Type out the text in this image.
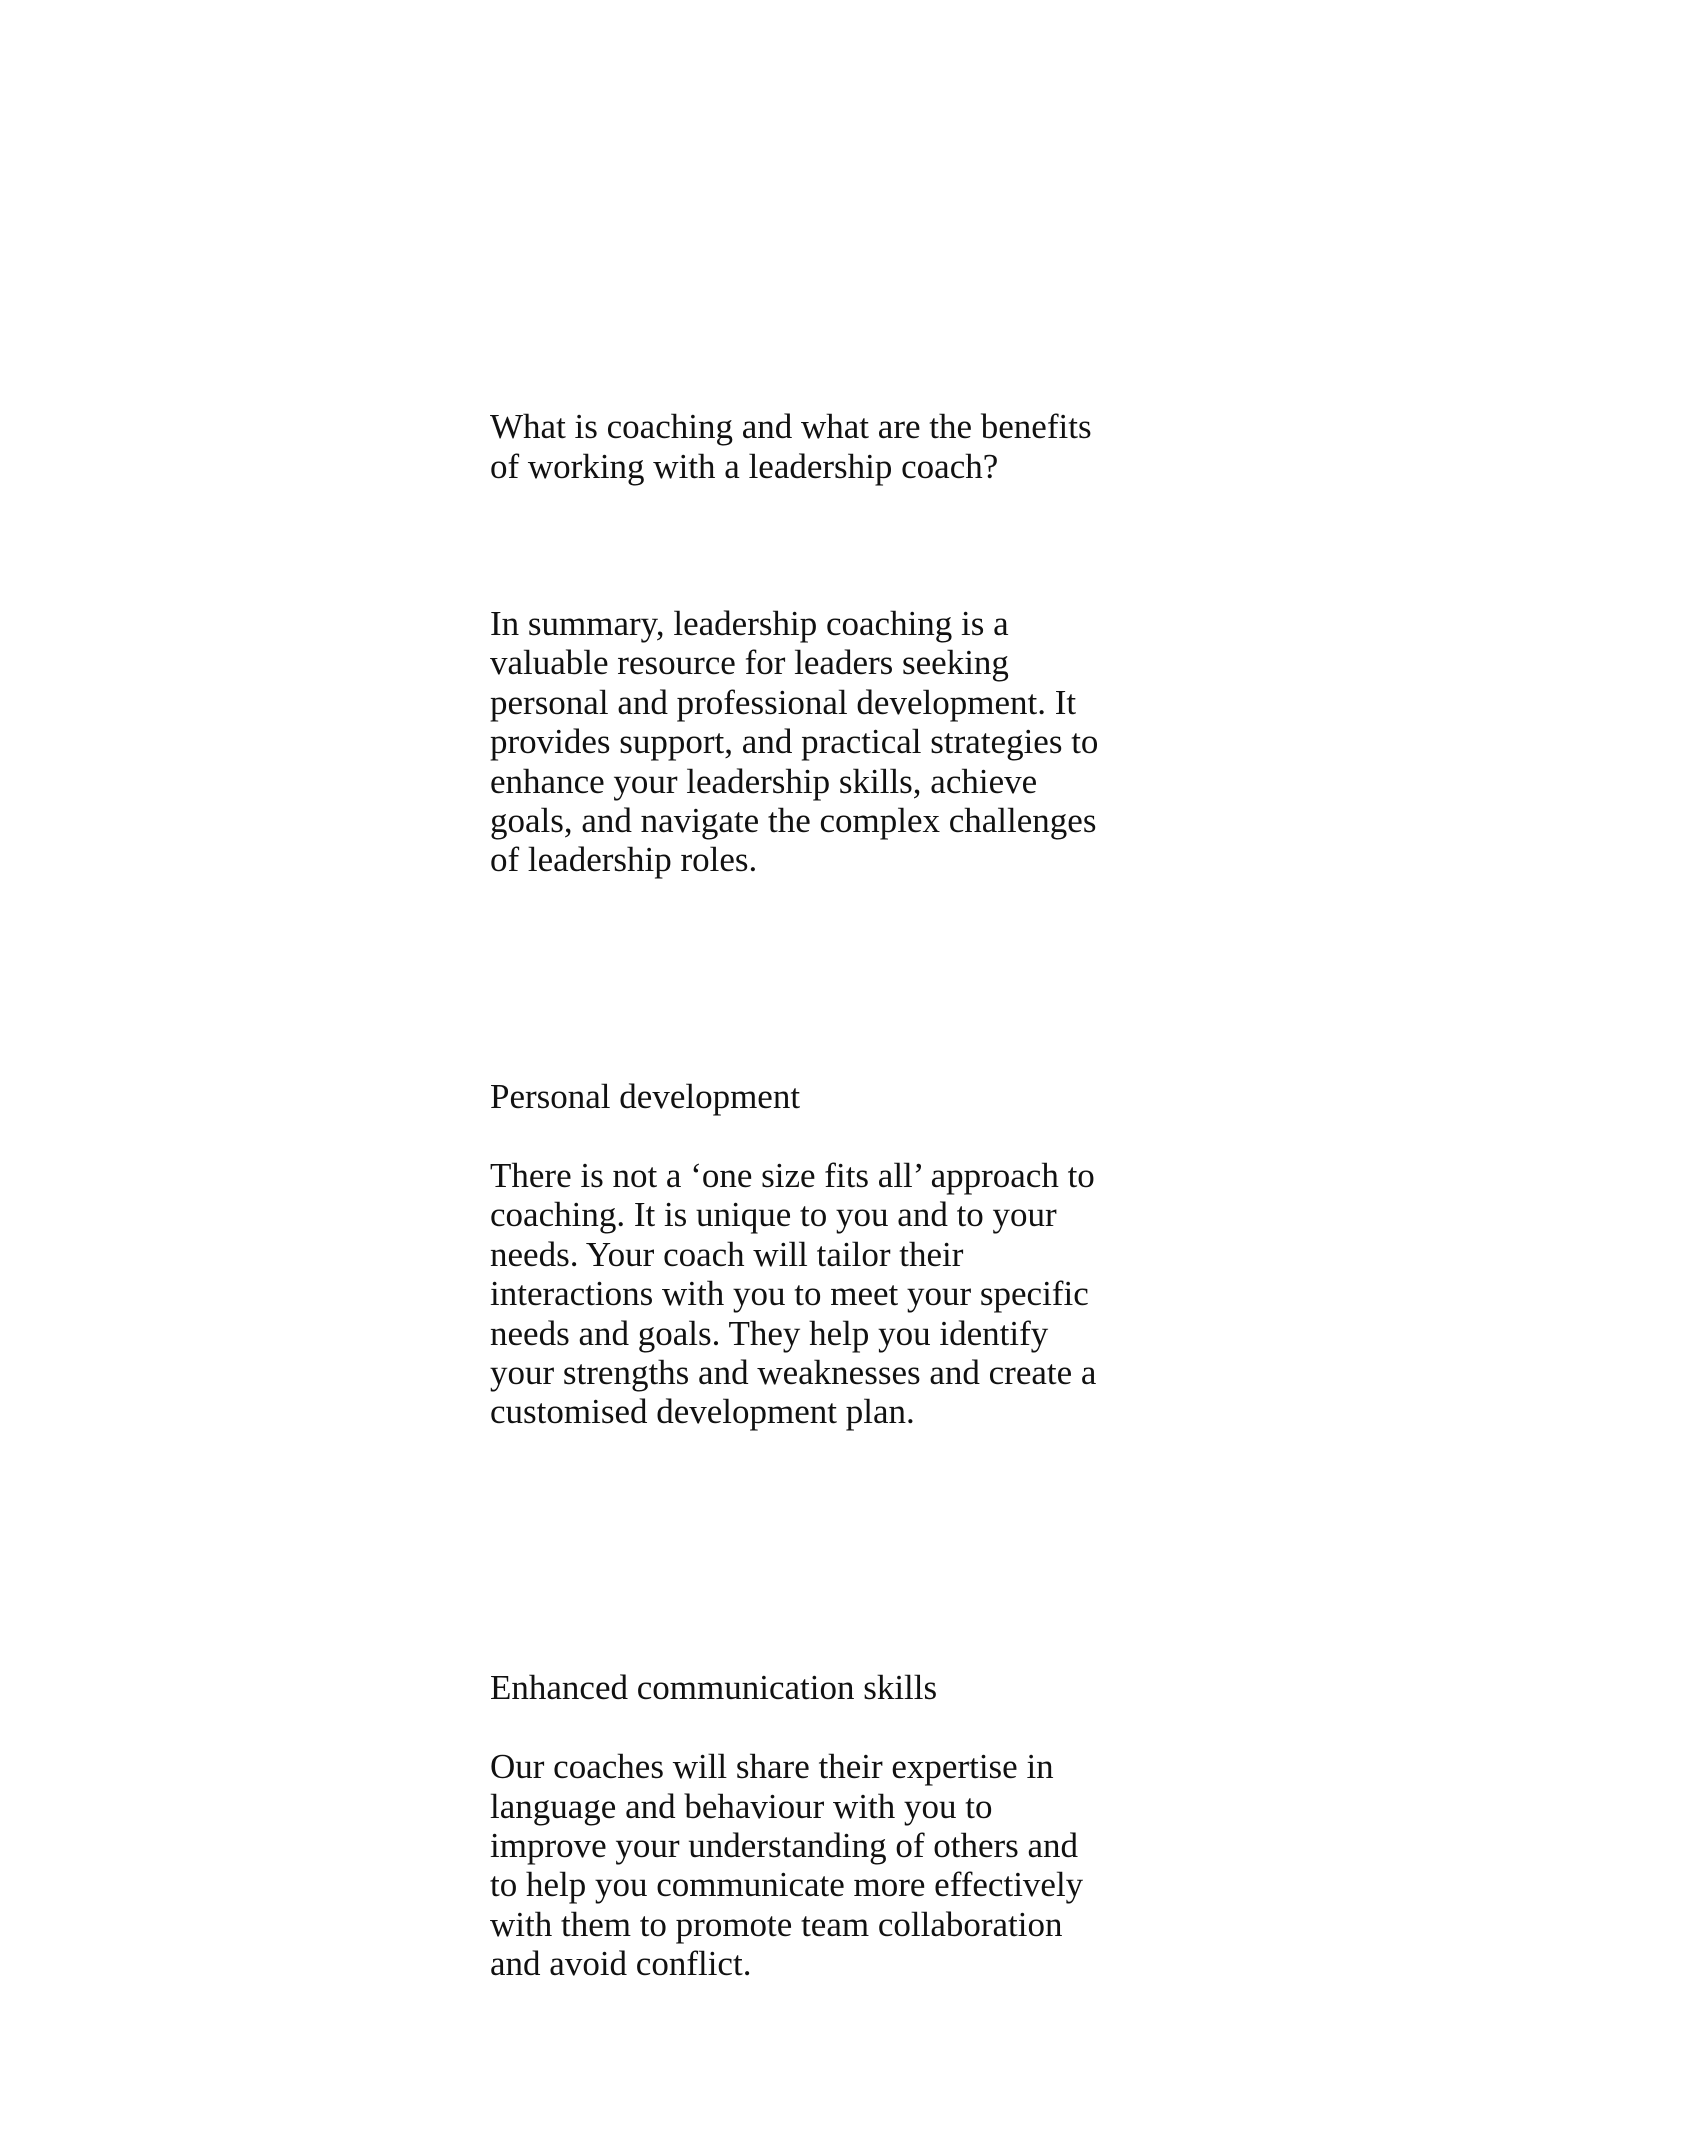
What is coaching and what are the benefits
of working with a leadership coach?

In summary, leadership coaching is a
valuable resource for leaders seeking
personal and professional development. It
provides support, and practical strategies to
enhance your leadership skills, achieve
goals, and navigate the complex challenges
of leadership roles.

Personal development

There is not a ‘one size fits all’ approach to
coaching. It is unique to you and to your
needs. Your coach will tailor their
interactions with you to meet your specific
needs and goals. They help you identify
your strengths and weaknesses and create a
customised development plan.

Enhanced communication skills

Our coaches will share their expertise in
language and behaviour with you to
improve your understanding of others and
to help you communicate more effectively
with them to promote team collaboration
and avoid conflict.
